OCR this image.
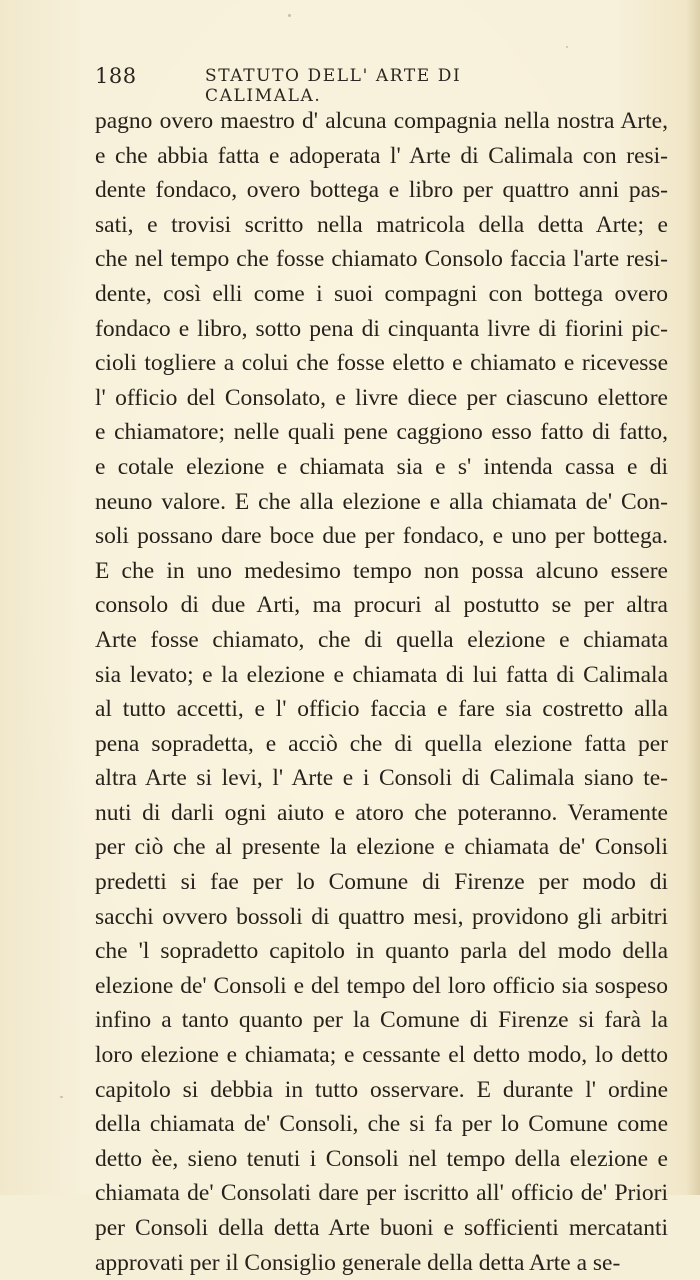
188	STATUTO DELL' ARTE DI CALIMALA.
pagno overo maestro d' alcuna compagnia nella nostra Arte,
e che abbia fatta e adoperata l' Arte di Calimala con resi-
dente fondaco, overo bottega e libro per quattro anni pas-
sati, e trovisi scritto nella matricola della detta Arte; e
che nel tempo che fosse chiamato Consolo faccia l'arte resi-
dente, così elli come i suoi compagni con bottega overo
fondaco e libro, sotto pena di cinquanta livre di fiorini pic-
cioli togliere a colui che fosse eletto e chiamato e ricevesse
l' officio del Consolato, e livre diece per ciascuno elettore
e chiamatore; nelle quali pene caggiono esso fatto di fatto,
e cotale elezione e chiamata sia e s' intenda cassa e di
neuno valore. E che alla elezione e alla chiamata de' Con-
soli possano dare boce due per fondaco, e uno per bottega.
E che in uno medesimo tempo non possa alcuno essere
consolo di due Arti, ma procuri al postutto se per altra
Arte fosse chiamato, che di quella elezione e chiamata
sia levato; e la elezione e chiamata di lui fatta di Calimala
al tutto accetti, e l' officio faccia e fare sia costretto alla
pena sopradetta, e acciò che di quella elezione fatta per
altra Arte si levi, l' Arte e i Consoli di Calimala siano te-
nuti di darli ogni aiuto e atoro che poteranno. Veramente
per ciò che al presente la elezione e chiamata de' Consoli
predetti si fae per lo Comune di Firenze per modo di
sacchi ovvero bossoli di quattro mesi, providono gli arbitri
che 'l sopradetto capitolo in quanto parla del modo della
elezione de' Consoli e del tempo del loro officio sia sospeso
infino a tanto quanto per la Comune di Firenze si farà la
loro elezione e chiamata; e cessante el detto modo, lo detto
capitolo si debbia in tutto osservare. E durante l' ordine
della chiamata de' Consoli, che si fa per lo Comune come
detto èe, sieno tenuti i Consoli nel tempo della elezione e
chiamata de' Consolati dare per iscritto all' officio de' Priori
per Consoli della detta Arte buoni e sofficienti mercatanti
approvati per il Consiglio generale della detta Arte a se-
